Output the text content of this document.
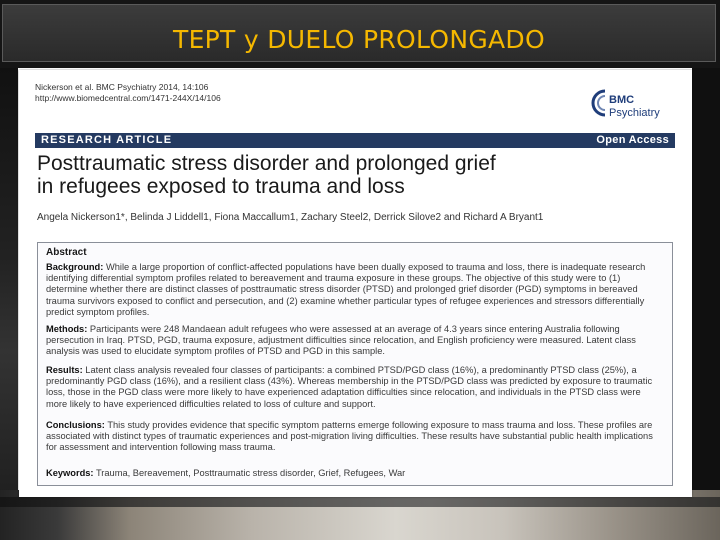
TEPT y DUELO PROLONGADO
Nickerson et al. BMC Psychiatry 2014, 14:106
http://www.biomedcentral.com/1471-244X/14/106	BMC
Psychiatry
RESEARCH ARTICLE	Open Access
Posttraumatic stress disorder and prolonged grief
in refugees exposed to trauma and loss
Angela Nickerson1*, Belinda J Liddell1, Fiona Maccallum1, Zachary Steel2, Derrick Silove2 and Richard A Bryant1
Abstract
Background: While a large proportion of conflict-affected populations have been dually exposed to trauma and loss, there is inadequate research identifying differential symptom profiles related to bereavement and trauma exposure in these groups. The objective of this study were to (1) determine whether there are distinct classes of posttraumatic stress disorder (PTSD) and prolonged grief disorder (PGD) symptoms in bereaved trauma survivors exposed to conflict and persecution, and (2) examine whether particular types of refugee experiences and stressors differentially predict symptom profiles.
Methods: Participants were 248 Mandaean adult refugees who were assessed at an average of 4.3 years since entering Australia following persecution in Iraq. PTSD, PGD, trauma exposure, adjustment difficulties since relocation, and English proficiency were measured. Latent class analysis was used to elucidate symptom profiles of PTSD and PGD in this sample.
Results: Latent class analysis revealed four classes of participants: a combined PTSD/PGD class (16%), a predominantly PTSD class (25%), a predominantly PGD class (16%), and a resilient class (43%). Whereas membership in the PTSD/PGD class was predicted by exposure to traumatic loss, those in the PGD class were more likely to have experienced adaptation difficulties since relocation, and individuals in the PTSD class were more likely to have experienced difficulties related to loss of culture and support.
Conclusions: This study provides evidence that specific symptom patterns emerge following exposure to mass trauma and loss. These profiles are associated with distinct types of traumatic experiences and post-migration living difficulties. These results have substantial public health implications for assessment and intervention following mass trauma.
Keywords: Trauma, Bereavement, Posttraumatic stress disorder, Grief, Refugees, War
